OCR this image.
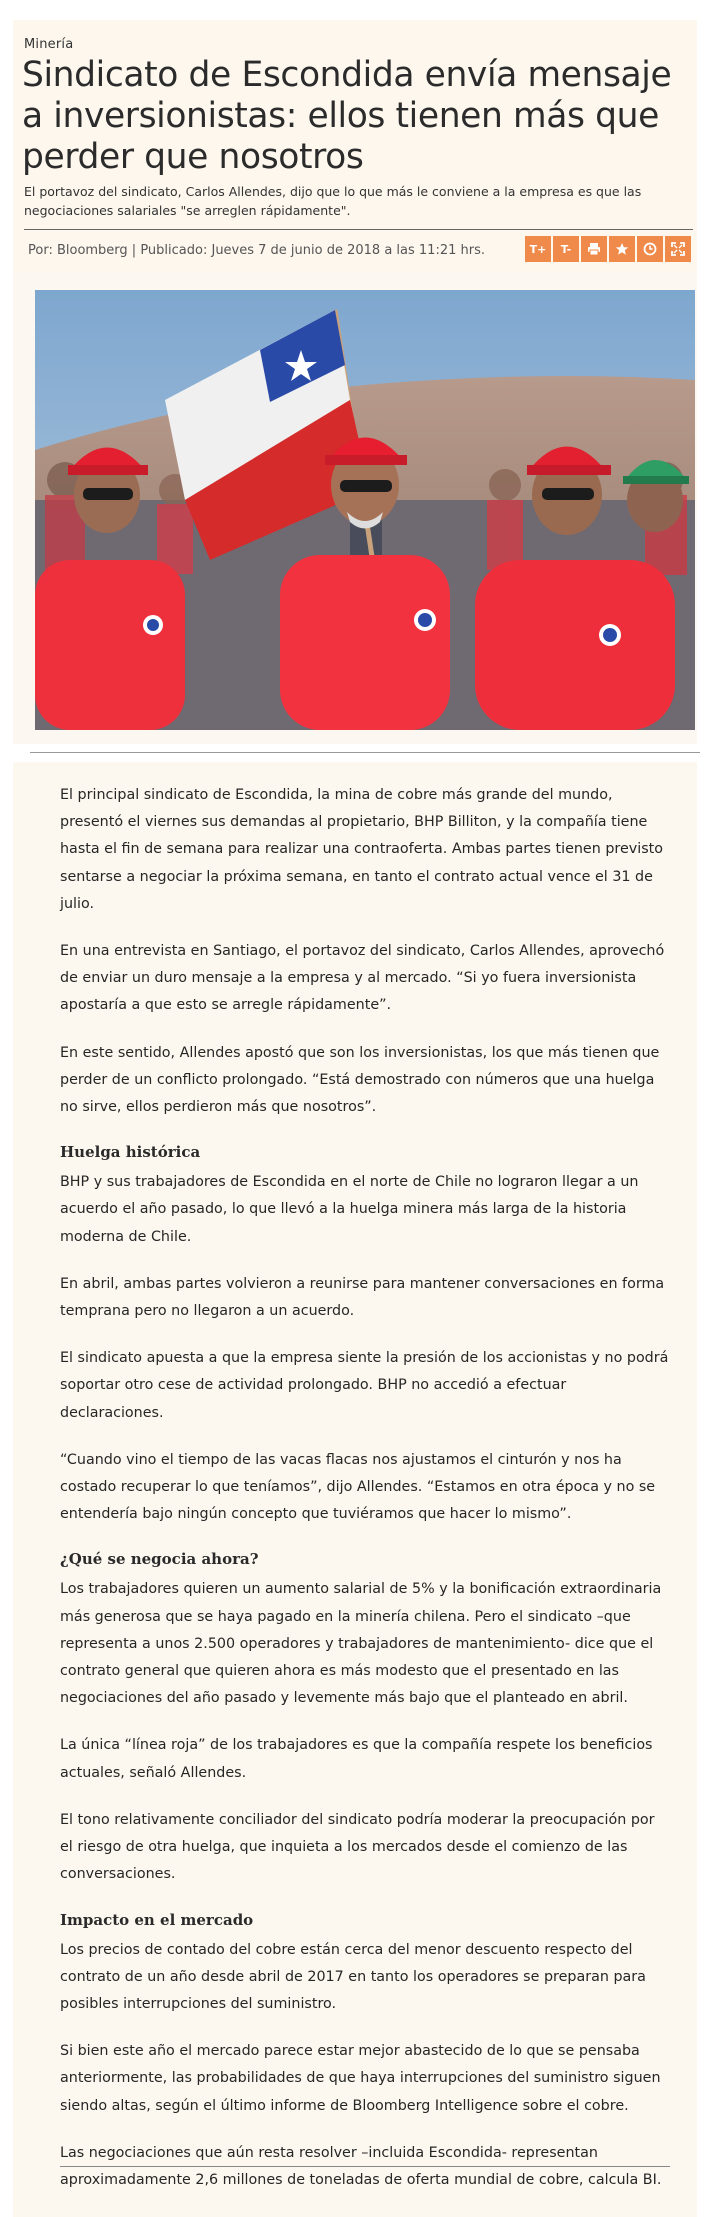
Minería
Sindicato de Escondida envía mensaje a inversionistas: ellos tienen más que perder que nosotros

El portavoz del sindicato, Carlos Allendes, dijo que lo que más le conviene a la empresa es que las negociaciones salariales "se arreglen rápidamente".

Por: Bloomberg | Publicado: Jueves 7 de junio de 2018 a las 11:21 hrs.	T+ T-

El principal sindicato de Escondida, la mina de cobre más grande del mundo, presentó el viernes sus demandas al propietario, BHP Billiton, y la compañía tiene hasta el fin de semana para realizar una contraoferta. Ambas partes tienen previsto sentarse a negociar la próxima semana, en tanto el contrato actual vence el 31 de julio.

En una entrevista en Santiago, el portavoz del sindicato, Carlos Allendes, aprovechó de enviar un duro mensaje a la empresa y al mercado. “Si yo fuera inversionista apostaría a que esto se arregle rápidamente”.

En este sentido, Allendes apostó que son los inversionistas, los que más tienen que perder de un conflicto prolongado. “Está demostrado con números que una huelga no sirve, ellos perdieron más que nosotros”.

Huelga histórica

BHP y sus trabajadores de Escondida en el norte de Chile no lograron llegar a un acuerdo el año pasado, lo que llevó a la huelga minera más larga de la historia moderna de Chile.

En abril, ambas partes volvieron a reunirse para mantener conversaciones en forma temprana pero no llegaron a un acuerdo.

El sindicato apuesta a que la empresa siente la presión de los accionistas y no podrá soportar otro cese de actividad prolongado. BHP no accedió a efectuar declaraciones.

“Cuando vino el tiempo de las vacas flacas nos ajustamos el cinturón y nos ha costado recuperar lo que teníamos”, dijo Allendes. “Estamos en otra época y no se entendería bajo ningún concepto que tuviéramos que hacer lo mismo”.

¿Qué se negocia ahora?

Los trabajadores quieren un aumento salarial de 5% y la bonificación extraordinaria más generosa que se haya pagado en la minería chilena. Pero el sindicato –que representa a unos 2.500 operadores y trabajadores de mantenimiento- dice que el contrato general que quieren ahora es más modesto que el presentado en las negociaciones del año pasado y levemente más bajo que el planteado en abril.

La única “línea roja” de los trabajadores es que la compañía respete los beneficios actuales, señaló Allendes.

El tono relativamente conciliador del sindicato podría moderar la preocupación por el riesgo de otra huelga, que inquieta a los mercados desde el comienzo de las conversaciones.

Impacto en el mercado

Los precios de contado del cobre están cerca del menor descuento respecto del contrato de un año desde abril de 2017 en tanto los operadores se preparan para posibles interrupciones del suministro.

Si bien este año el mercado parece estar mejor abastecido de lo que se pensaba anteriormente, las probabilidades de que haya interrupciones del suministro siguen siendo altas, según el último informe de Bloomberg Intelligence sobre el cobre.

Las negociaciones que aún resta resolver –incluida Escondida- representan aproximadamente 2,6 millones de toneladas de oferta mundial de cobre, calcula BI.
